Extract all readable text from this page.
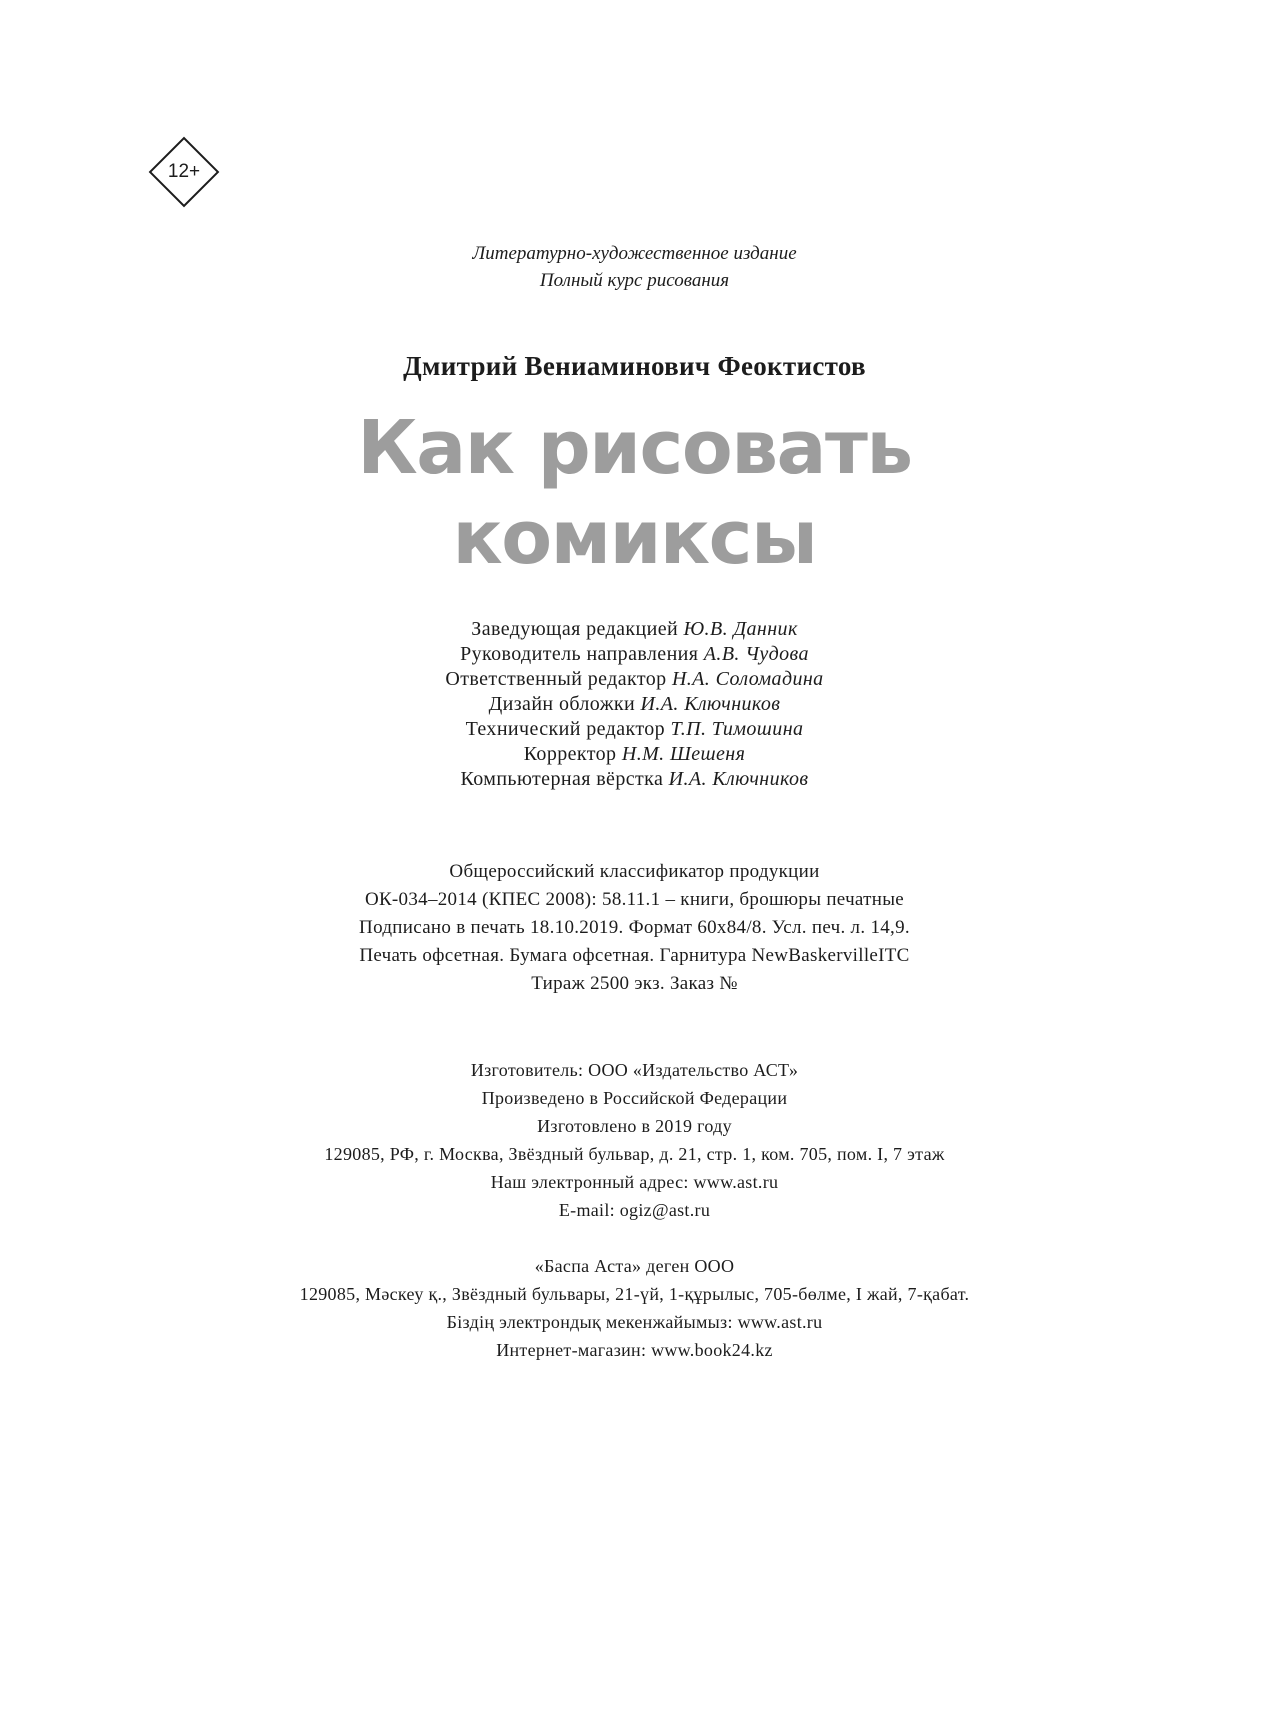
12+
Литературно-художественное издание
Полный курс рисования
Дмитрий Вениаминович Феоктистов
Как рисовать
комиксы
Заведующая редакцией Ю.В. Данник
Руководитель направления А.В. Чудова
Ответственный редактор Н.А. Соломадина
Дизайн обложки И.А. Ключников
Технический редактор Т.П. Тимошина
Корректор Н.М. Шешеня
Компьютерная вёрстка И.А. Ключников
Общероссийский классификатор продукции
ОК-034–2014 (КПЕС 2008): 58.11.1 – книги, брошюры печатные
Подписано в печать 18.10.2019. Формат 60x84/8. Усл. печ. л. 14,9.
Печать офсетная. Бумага офсетная. Гарнитура NewBaskervilleITC
Тираж 2500 экз. Заказ №
Изготовитель: ООО «Издательство АСТ»
Произведено в Российской Федерации
Изготовлено в 2019 году
129085, РФ, г. Москва, Звёздный бульвар, д. 21, стр. 1, ком. 705, пом. I, 7 этаж
Наш электронный адрес: www.ast.ru
E-mail: ogiz@ast.ru
«Баспа Аста» деген ООО
129085, Мәскеу қ., Звёздный бульвары, 21-үй, 1-құрылыс, 705-бөлме, I жай, 7-қабат.
Біздің электрондық мекенжайымыз: www.ast.ru
Интернет-магазин: www.book24.kz
